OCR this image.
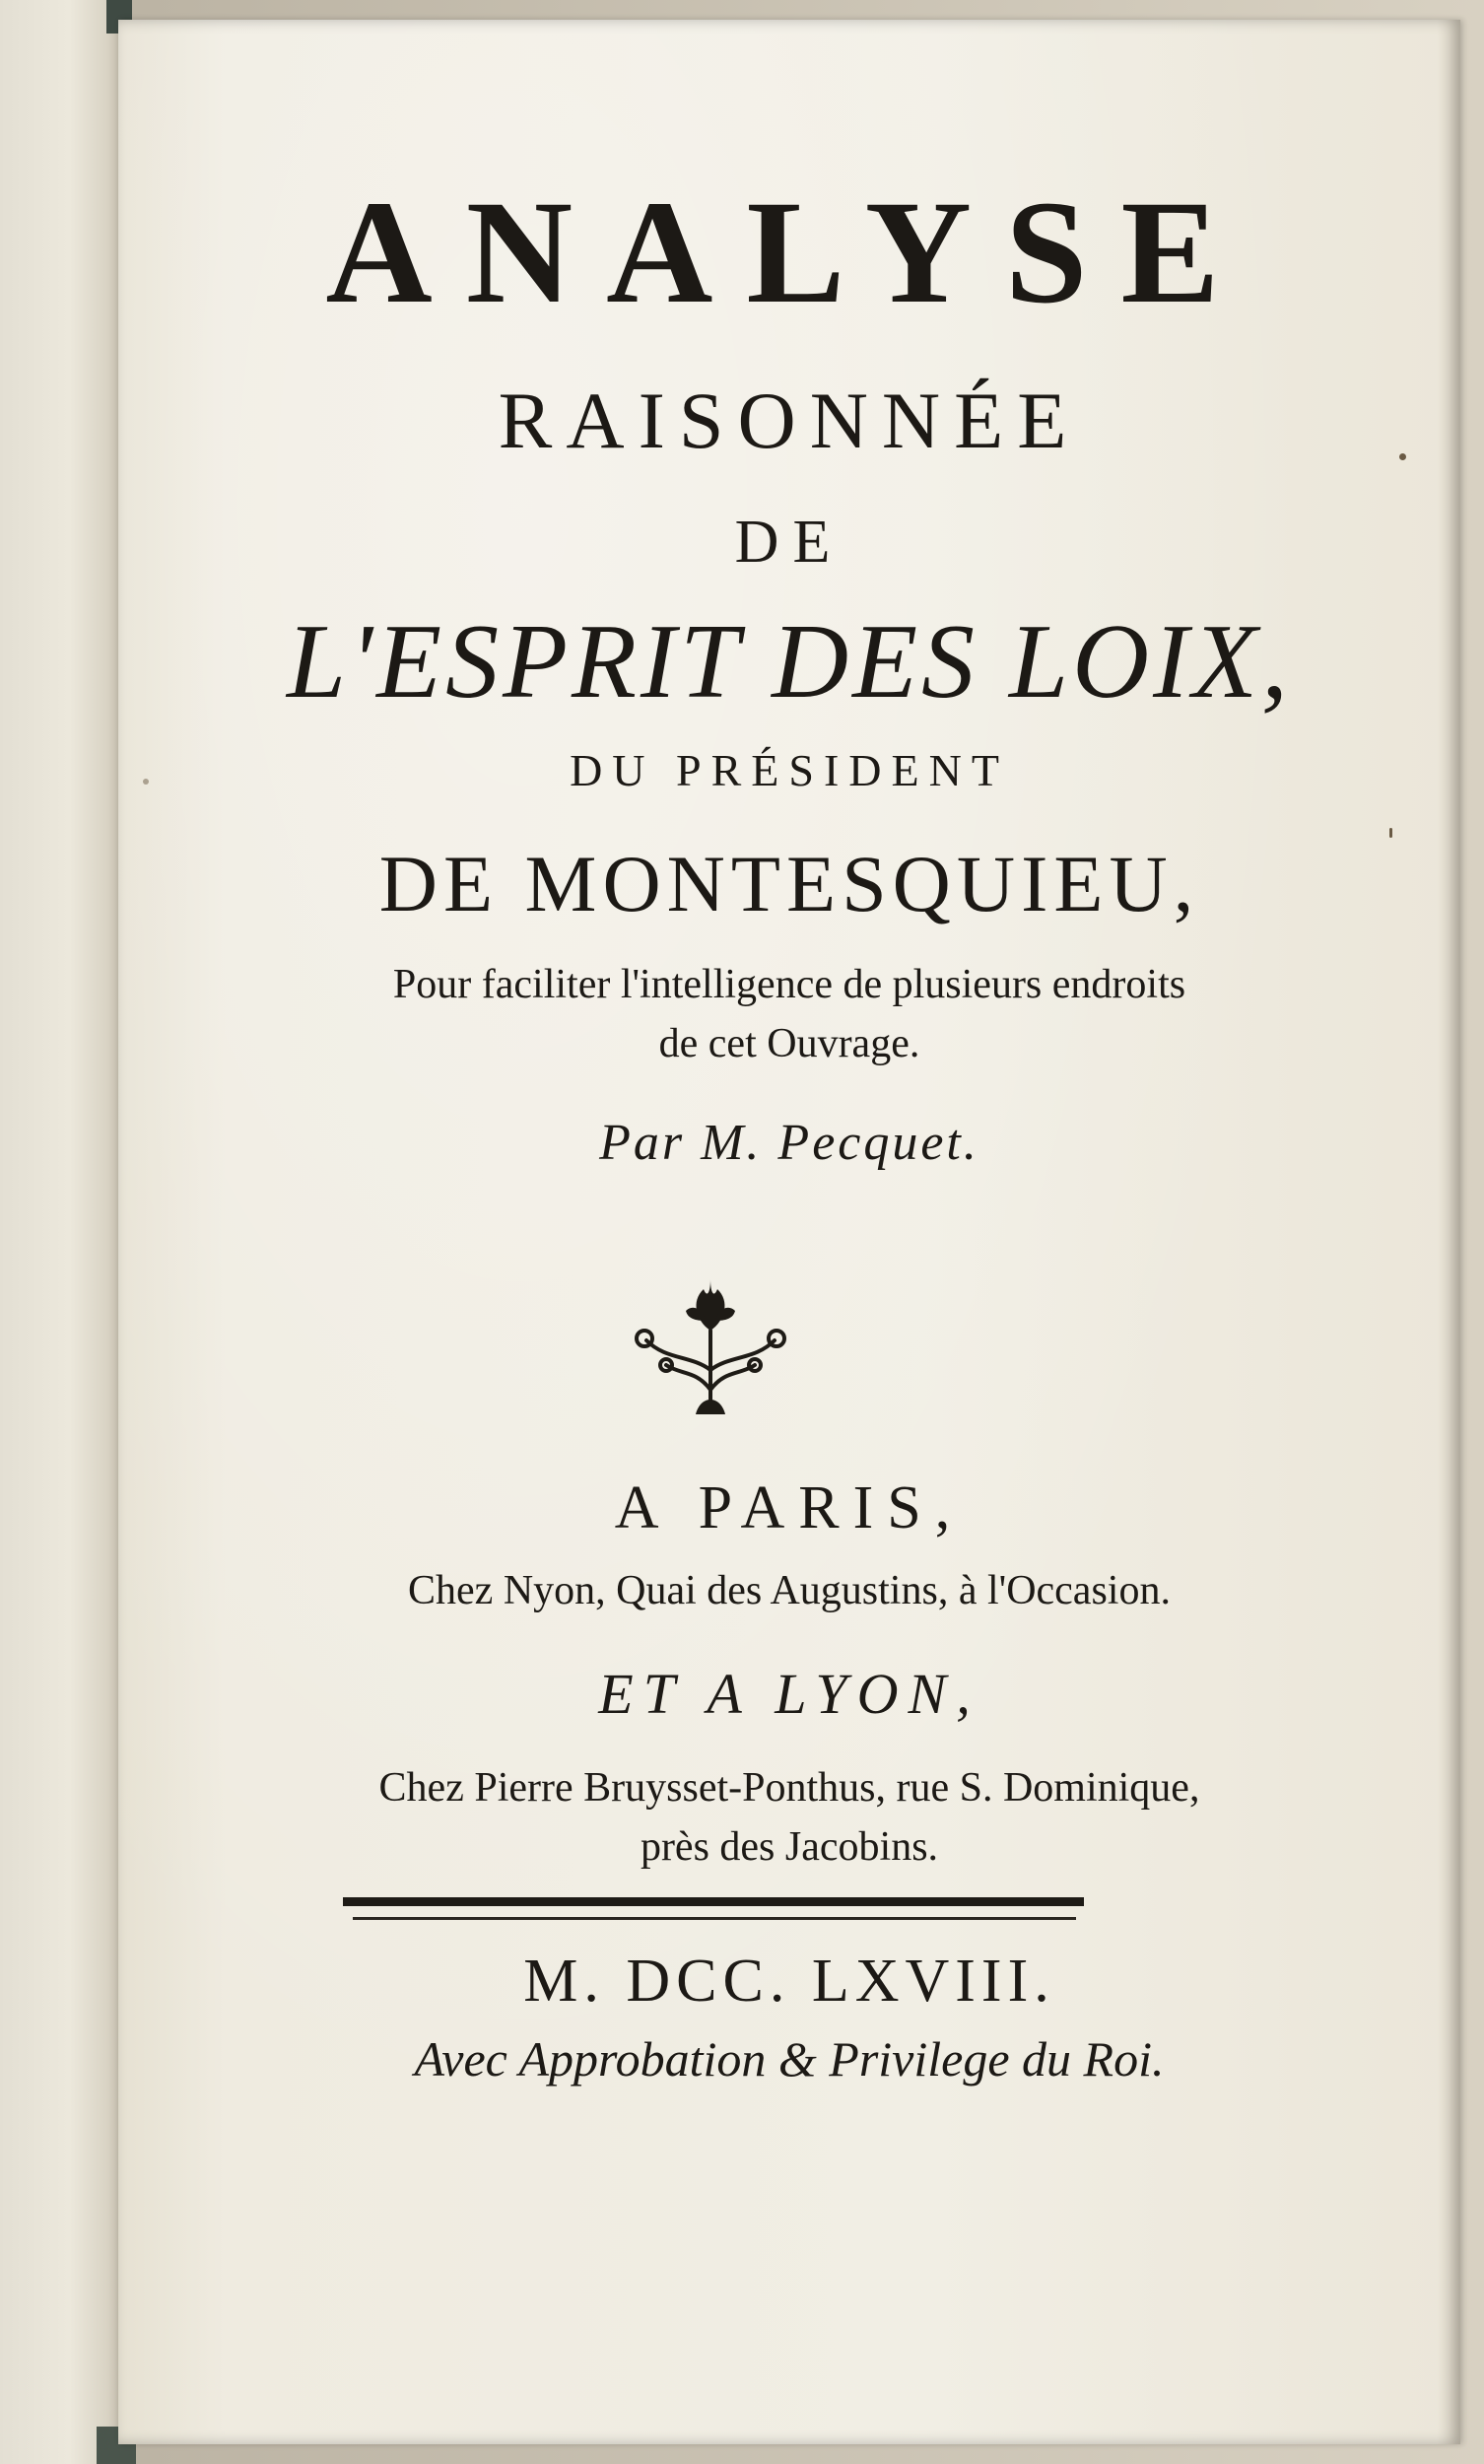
ANALYSE
RAISONNÉE
DE
L'ESPRIT DES LOIX,
DU PRÉSIDENT
DE MONTESQUIEU,
Pour faciliter l'intelligence de plusieurs endroits
de cet Ouvrage.
Par M. Pecquet.
A PARIS,
Chez Nyon, Quai des Augustins, à l'Occasion.
ET A LYON,
Chez Pierre Bruysset-Ponthus, rue S. Dominique,
près des Jacobins.
M. DCC. LXVIII.
Avec Approbation & Privilege du Roi.
